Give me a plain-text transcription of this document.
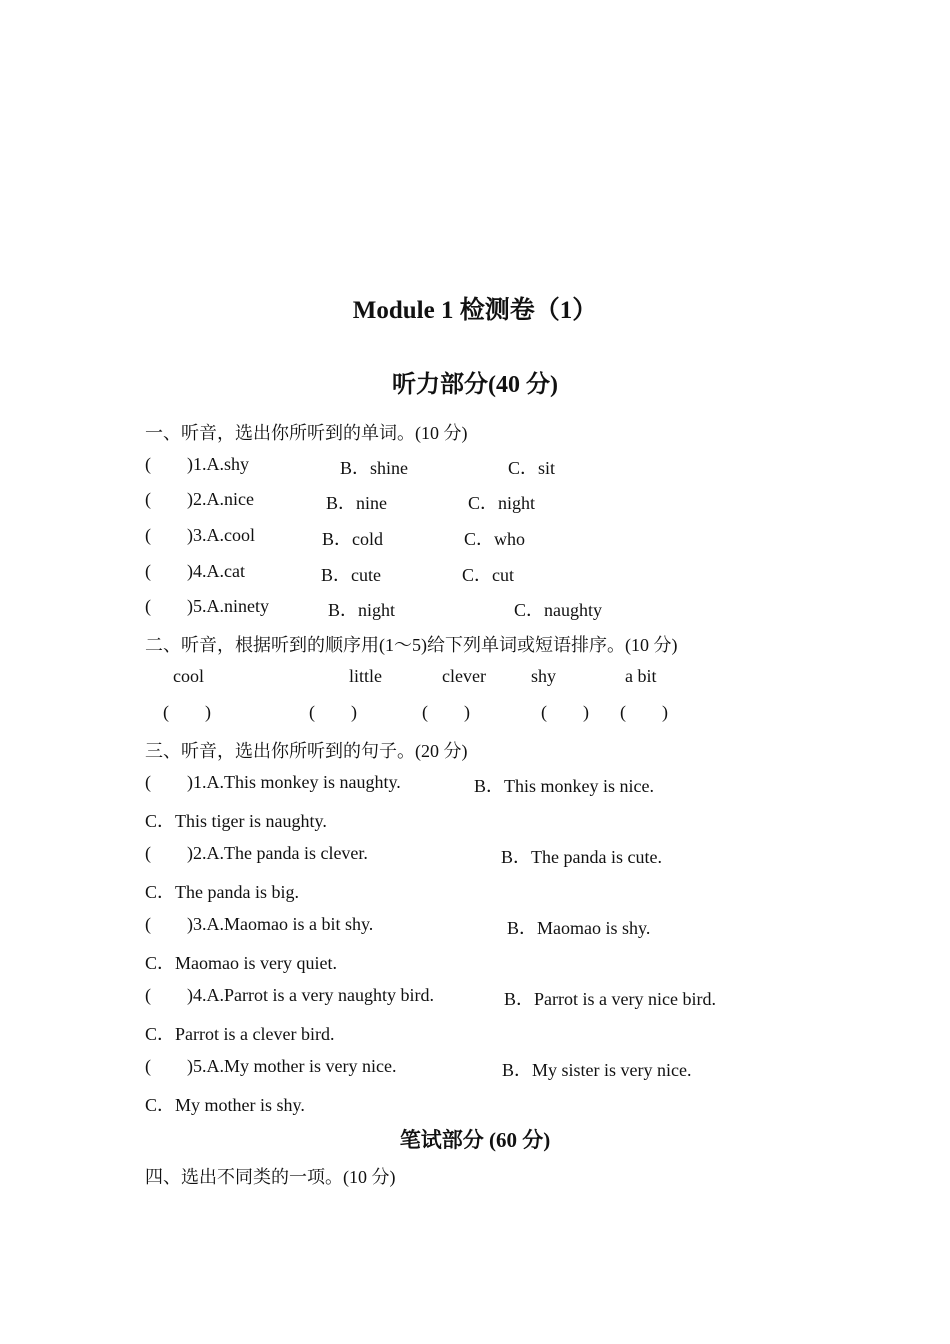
Module 1 检测卷（1）
听力部分(40 分)
一、听音，选出你所听到的单词。(10 分)
(        )1.A.shy	B．shine	C．sit
(        )2.A.nice	B．nine	C．night
(        )3.A.cool	B．cold	C．who
(        )4.A.cat	B．cute	C．cut
(        )5.A.ninety	B．night	C．naughty
二、听音，根据听到的顺序用(1～5)给下列单词或短语排序。(10 分)
cool	little	clever	shy	a bit
(        )	(        )	(        )	(        ) (        )
三、听音，选出你所听到的句子。(20 分)
(        )1.A.This monkey is naughty.	B．This monkey is nice.
C．This tiger is naughty.
(        )2.A.The panda is clever.	B．The panda is cute.
C．The panda is big.
(        )3.A.Maomao is a bit shy.	B．Maomao is shy.
C．Maomao is very quiet.
(        )4.A.Parrot is a very naughty bird.	B．Parrot is a very nice bird.
C．Parrot is a clever bird.
(        )5.A.My mother is very nice.	B．My sister is very nice.
C．My mother is shy.
笔试部分 (60 分)
四、选出不同类的一项。(10 分)
